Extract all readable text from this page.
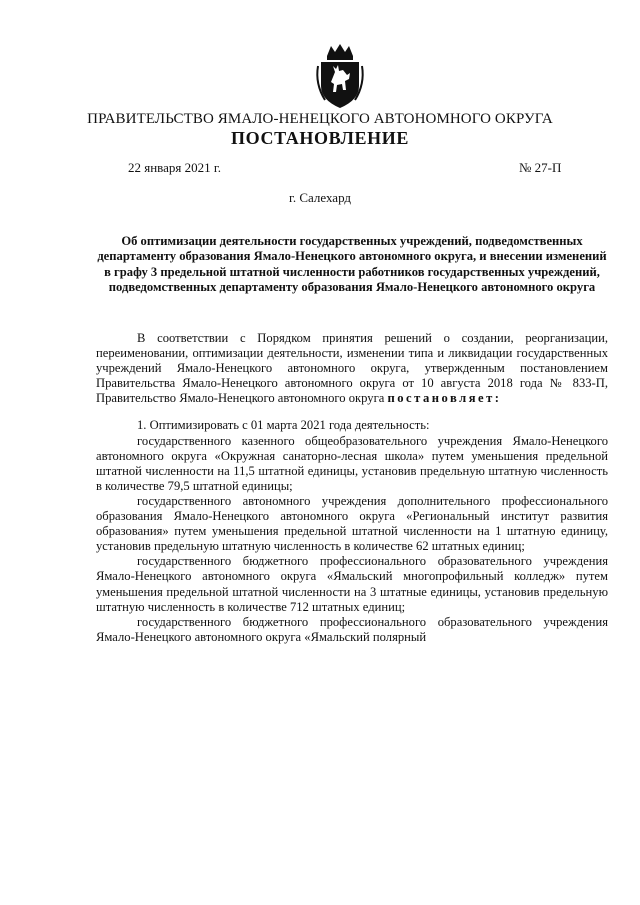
ПРАВИТЕЛЬСТВО ЯМАЛО-НЕНЕЦКОГО АВТОНОМНОГО ОКРУГА
ПОСТАНОВЛЕНИЕ
22 января 2021 г.	№ 27-П
г. Салехард
Об оптимизации деятельности государственных учреждений, подведомственных департаменту образования Ямало-Ненецкого автономного округа, и внесении изменений в графу 3 предельной штатной численности работников государственных учреждений, подведомственных департаменту образования Ямало-Ненецкого автономного округа

В соответствии с Порядком принятия решений о создании, реорганизации, переименовании, оптимизации деятельности, изменении типа и ликвидации государственных учреждений Ямало-Ненецкого автономного округа, утвержденным постановлением Правительства Ямало-Ненецкого автономного округа от 10 августа 2018 года № 833-П, Правительство Ямало-Ненецкого автономного округа постановляет:

1. Оптимизировать с 01 марта 2021 года деятельность:

государственного казенного общеобразовательного учреждения Ямало-Ненецкого автономного округа «Окружная санаторно-лесная школа» путем уменьшения предельной штатной численности на 11,5 штатной единицы, установив предельную штатную численность в количестве 79,5 штатной единицы;

государственного автономного учреждения дополнительного профессионального образования Ямало-Ненецкого автономного округа «Региональный институт развития образования» путем уменьшения предельной штатной численности на 1 штатную единицу, установив предельную штатную численность в количестве 62 штатных единиц;

государственного бюджетного профессионального образовательного учреждения Ямало-Ненецкого автономного округа «Ямальский многопрофильный колледж» путем уменьшения предельной штатной численности на 3 штатные единицы, установив предельную штатную численность в количестве 712 штатных единиц;

государственного бюджетного профессионального образовательного учреждения Ямало-Ненецкого автономного округа «Ямальский полярный
